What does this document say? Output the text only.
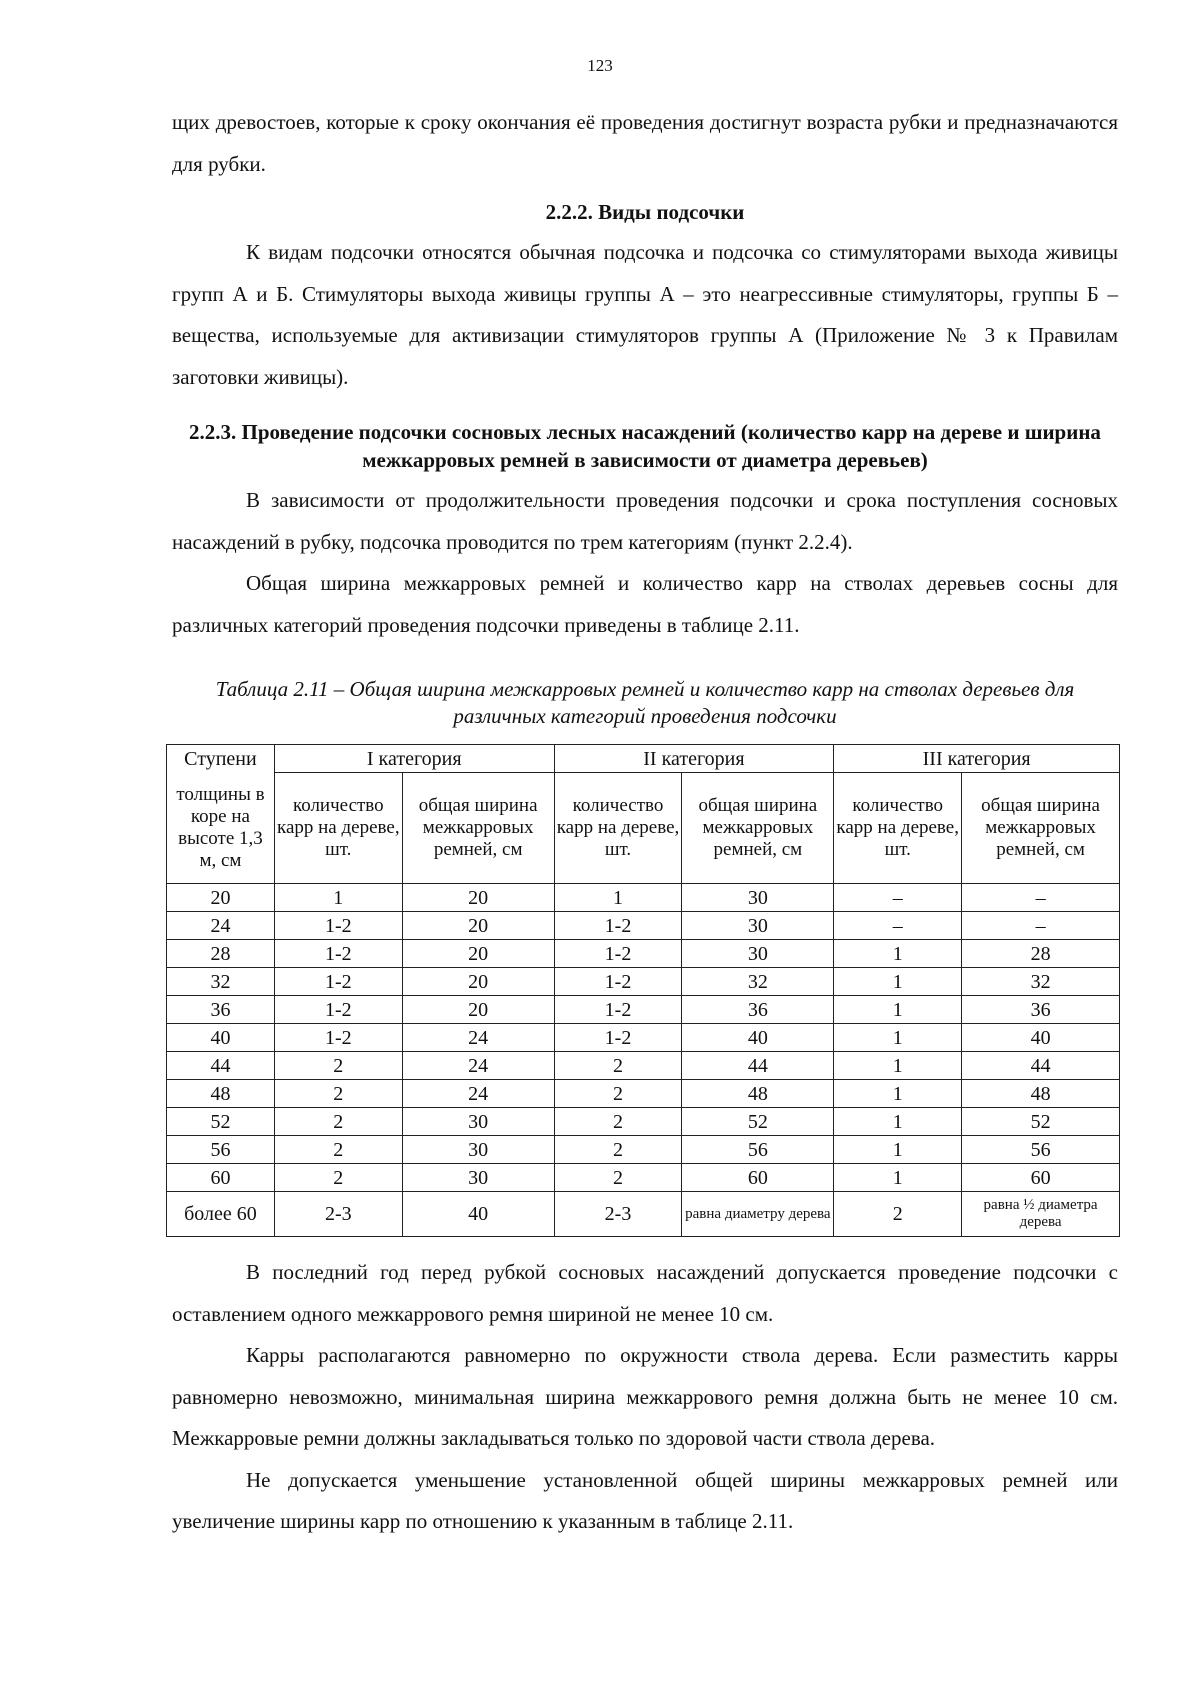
123

щих древостоев, которые к сроку окончания её проведения достигнут возраста рубки и предназначаются для рубки.

2.2.2. Виды подсочки

К видам подсочки относятся обычная подсочка и подсочка со стимуляторами выхода живицы групп А и Б. Стимуляторы выхода живицы группы А – это неагрессивные стимуляторы, группы Б – вещества, используемые для активизации стимуляторов группы А (Приложение № 3 к Правилам заготовки живицы).

2.2.3. Проведение подсочки сосновых лесных насаждений (количество карр на дереве и ширина межкарровых ремней в зависимости от диаметра деревьев)

В зависимости от продолжительности проведения подсочки и срока поступления сосновых насаждений в рубку, подсочка проводится по трем категориям (пункт 2.2.4).

Общая ширина межкарровых ремней и количество карр на стволах деревьев сосны для различных категорий проведения подсочки приведены в таблице 2.11.

Таблица 2.11 – Общая ширина межкарровых ремней и количество карр на стволах деревьев для различных категорий проведения подсочки
Ступени	I категория		II категория		III категория	
толщины в коре на высоте 1,3 м, см	количество карр на дереве, шт.	общая ширина межкарровых ремней, см	количество карр на дереве, шт.	общая ширина межкарровых ремней, см	количество карр на дереве, шт.	общая ширина межкарровых ремней, см
20	1	20	1	30	–	–
24	1-2	20	1-2	30	–	–
28	1-2	20	1-2	30	1	28
32	1-2	20	1-2	32	1	32
36	1-2	20	1-2	36	1	36
40	1-2	24	1-2	40	1	40
44	2	24	2	44	1	44
48	2	24	2	48	1	48
52	2	30	2	52	1	52
56	2	30	2	56	1	56
60	2	30	2	60	1	60
более 60	2-3	40	2-3	равна диаметру дерева	2	равна ½ диаметра дерева

В последний год перед рубкой сосновых насаждений допускается проведение подсочки с оставлением одного межкаррового ремня шириной не менее 10 см.

Карры располагаются равномерно по окружности ствола дерева. Если разместить карры равномерно невозможно, минимальная ширина межкаррового ремня должна быть не менее 10 см. Межкарровые ремни должны закладываться только по здоровой части ствола дерева.

Не допускается уменьшение установленной общей ширины межкарровых ремней или увеличение ширины карр по отношению к указанным в таблице 2.11.
